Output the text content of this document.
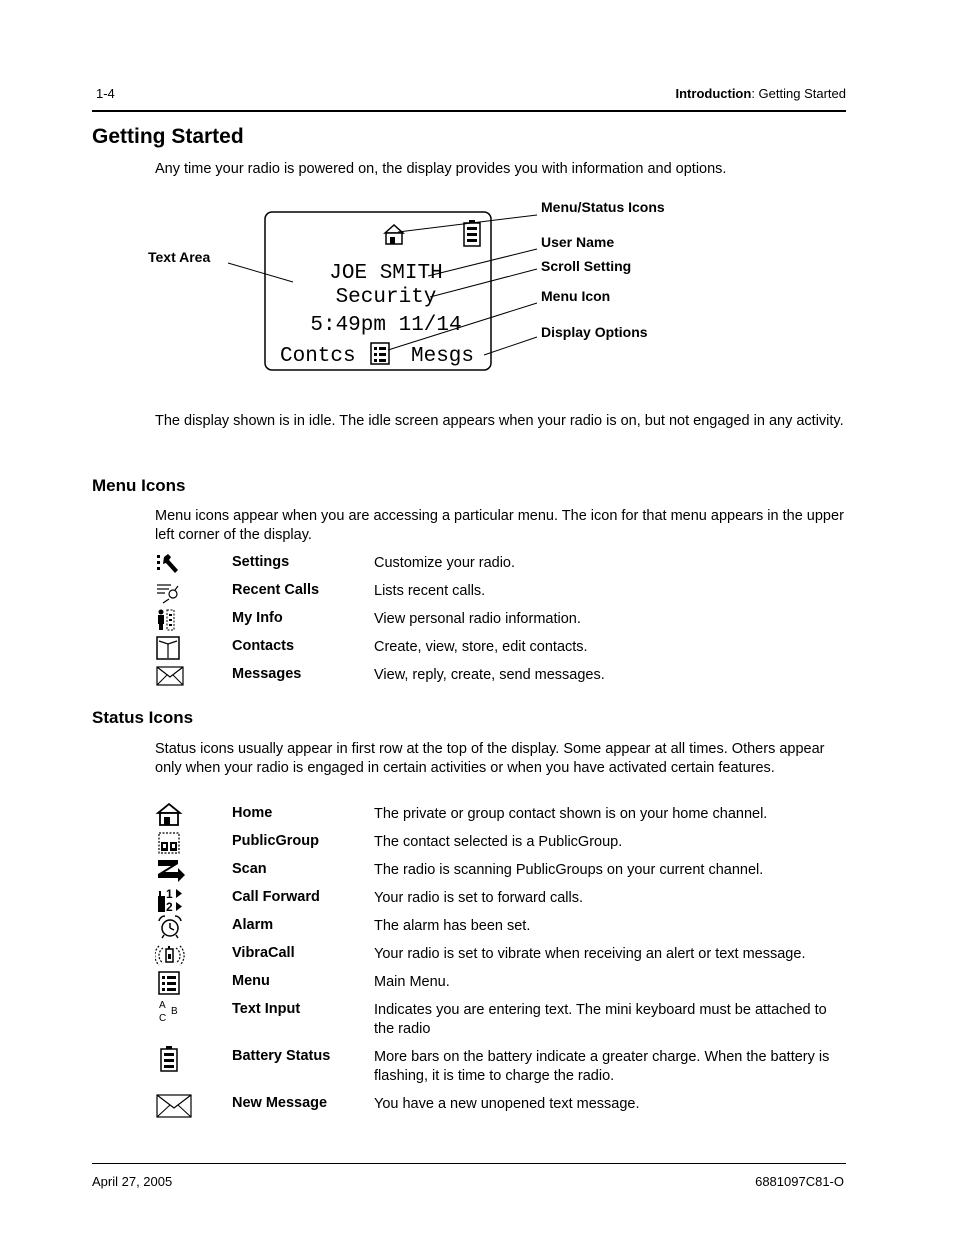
1-4	Introduction: Getting Started
Getting Started
Any time your radio is powered on, the display provides you with information and options.
JOE SMITH
Security
5:49pm 11/14
Contcs	Mesgs
Text Area
Menu/Status Icons
User Name
Scroll Setting
Menu Icon
Display Options
The display shown is in idle. The idle screen appears when your radio is on, but not engaged in any activity.
Menu Icons
Menu icons appear when you are accessing a particular menu. The icon for that menu appears in the upper left corner of the display.
Settings	Customize your radio.
Recent Calls	Lists recent calls.
My Info	View personal radio information.
Contacts	Create, view, store, edit contacts.
Messages	View, reply, create, send messages.
Status Icons
Status icons usually appear in first row at the top of the display. Some appear at all times. Others appear only when your radio is engaged in certain activities or when you have activated certain features.
Home	The private or group contact shown is on your home channel.
PublicGroup	The contact selected is a PublicGroup.
Scan	The radio is scanning PublicGroups on your current channel.
1
2
Call Forward	Your radio is set to forward calls.
Alarm	The alarm has been set.
VibraCall	Your radio is set to vibrate when receiving an alert or text message.
Menu	Main Menu.
A
B
C
Text Input	Indicates you are entering text. The mini keyboard must be attached to the radio
Battery Status	More bars on the battery indicate a greater charge. When the battery is flashing, it is time to charge the radio.
New Message	You have a new unopened text message.
April 27, 2005	6881097C81-O
